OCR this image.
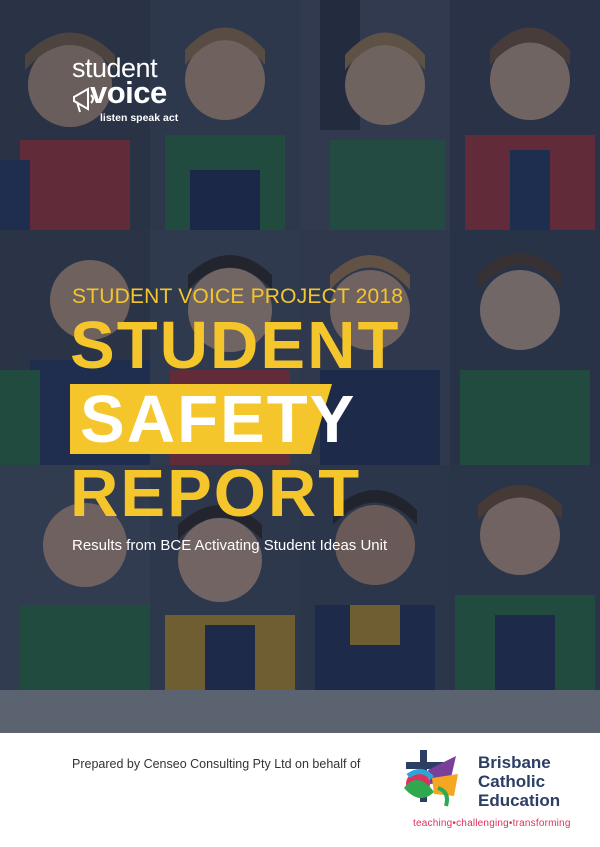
student
voice
listen speak act
STUDENT VOICE PROJECT 2018
STUDENT
SAFETY
REPORT
Results from BCE Activating Student Ideas Unit
Prepared by Censeo Consulting Pty Ltd on behalf of	Brisbane
Catholic
Education
teaching•challenging•transforming
